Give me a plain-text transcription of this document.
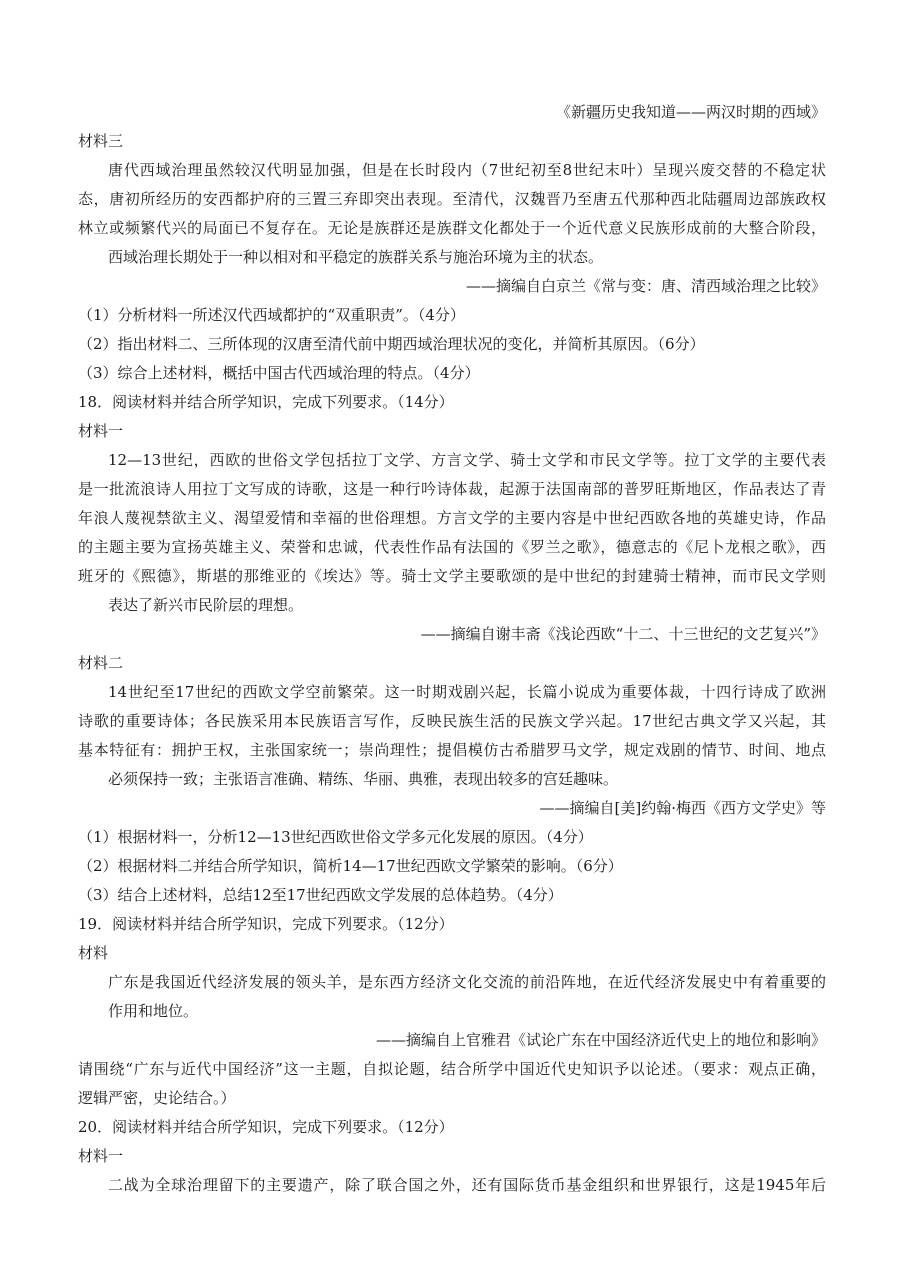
《新疆历史我知道——两汉时期的西域》
材料三
唐代西域治理虽然较汉代明显加强，但是在长时段内（7世纪初至8世纪末叶）呈现兴废交替的不稳定状
态，唐初所经历的安西都护府的三置三弃即突出表现。至清代，汉魏晋乃至唐五代那种西北陆疆周边部族政权
林立或频繁代兴的局面已不复存在。无论是族群还是族群文化都处于一个近代意义民族形成前的大整合阶段，
西域治理长期处于一种以相对和平稳定的族群关系与施治环境为主的状态。
——摘编自白京兰《常与变：唐、清西域治理之比较》
（1）分析材料一所述汉代西域都护的“双重职责”。（4分）
（2）指出材料二、三所体现的汉唐至清代前中期西域治理状况的变化，并简析其原因。（6分）
（3）综合上述材料，概括中国古代西域治理的特点。（4分）
18．阅读材料并结合所学知识，完成下列要求。（14分）
材料一
12—13世纪，西欧的世俗文学包括拉丁文学、方言文学、骑士文学和市民文学等。拉丁文学的主要代表
是一批流浪诗人用拉丁文写成的诗歌，这是一种行吟诗体裁，起源于法国南部的普罗旺斯地区，作品表达了青
年浪人蔑视禁欲主义、渴望爱情和幸福的世俗理想。方言文学的主要内容是中世纪西欧各地的英雄史诗，作品
的主题主要为宣扬英雄主义、荣誉和忠诚，代表性作品有法国的《罗兰之歌》，德意志的《尼卜龙根之歌》，西
班牙的《熙德》，斯堪的那维亚的《埃达》等。骑士文学主要歌颂的是中世纪的封建骑士精神，而市民文学则
表达了新兴市民阶层的理想。
——摘编自谢丰斋《浅论西欧“十二、十三世纪的文艺复兴”》
材料二
14世纪至17世纪的西欧文学空前繁荣。这一时期戏剧兴起，长篇小说成为重要体裁，十四行诗成了欧洲
诗歌的重要诗体；各民族采用本民族语言写作，反映民族生活的民族文学兴起。17世纪古典文学又兴起，其
基本特征有：拥护王权，主张国家统一；崇尚理性；提倡模仿古希腊罗马文学，规定戏剧的情节、时间、地点
必须保持一致；主张语言准确、精练、华丽、典雅，表现出较多的宫廷趣味。
——摘编自[美]约翰·梅西《西方文学史》等
（1）根据材料一，分析12—13世纪西欧世俗文学多元化发展的原因。（4分）
（2）根据材料二并结合所学知识，简析14—17世纪西欧文学繁荣的影响。（6分）
（3）结合上述材料，总结12至17世纪西欧文学发展的总体趋势。（4分）
19．阅读材料并结合所学知识，完成下列要求。（12分）
材料
广东是我国近代经济发展的领头羊，是东西方经济文化交流的前沿阵地，在近代经济发展史中有着重要的
作用和地位。
——摘编自上官雅君《试论广东在中国经济近代史上的地位和影响》
请围绕“广东与近代中国经济”这一主题，自拟论题，结合所学中国近代史知识予以论述。（要求：观点正确，
逻辑严密，史论结合。）
20．阅读材料并结合所学知识，完成下列要求。（12分）
材料一
二战为全球治理留下的主要遗产，除了联合国之外，还有国际货币基金组织和世界银行，这是1945年后
